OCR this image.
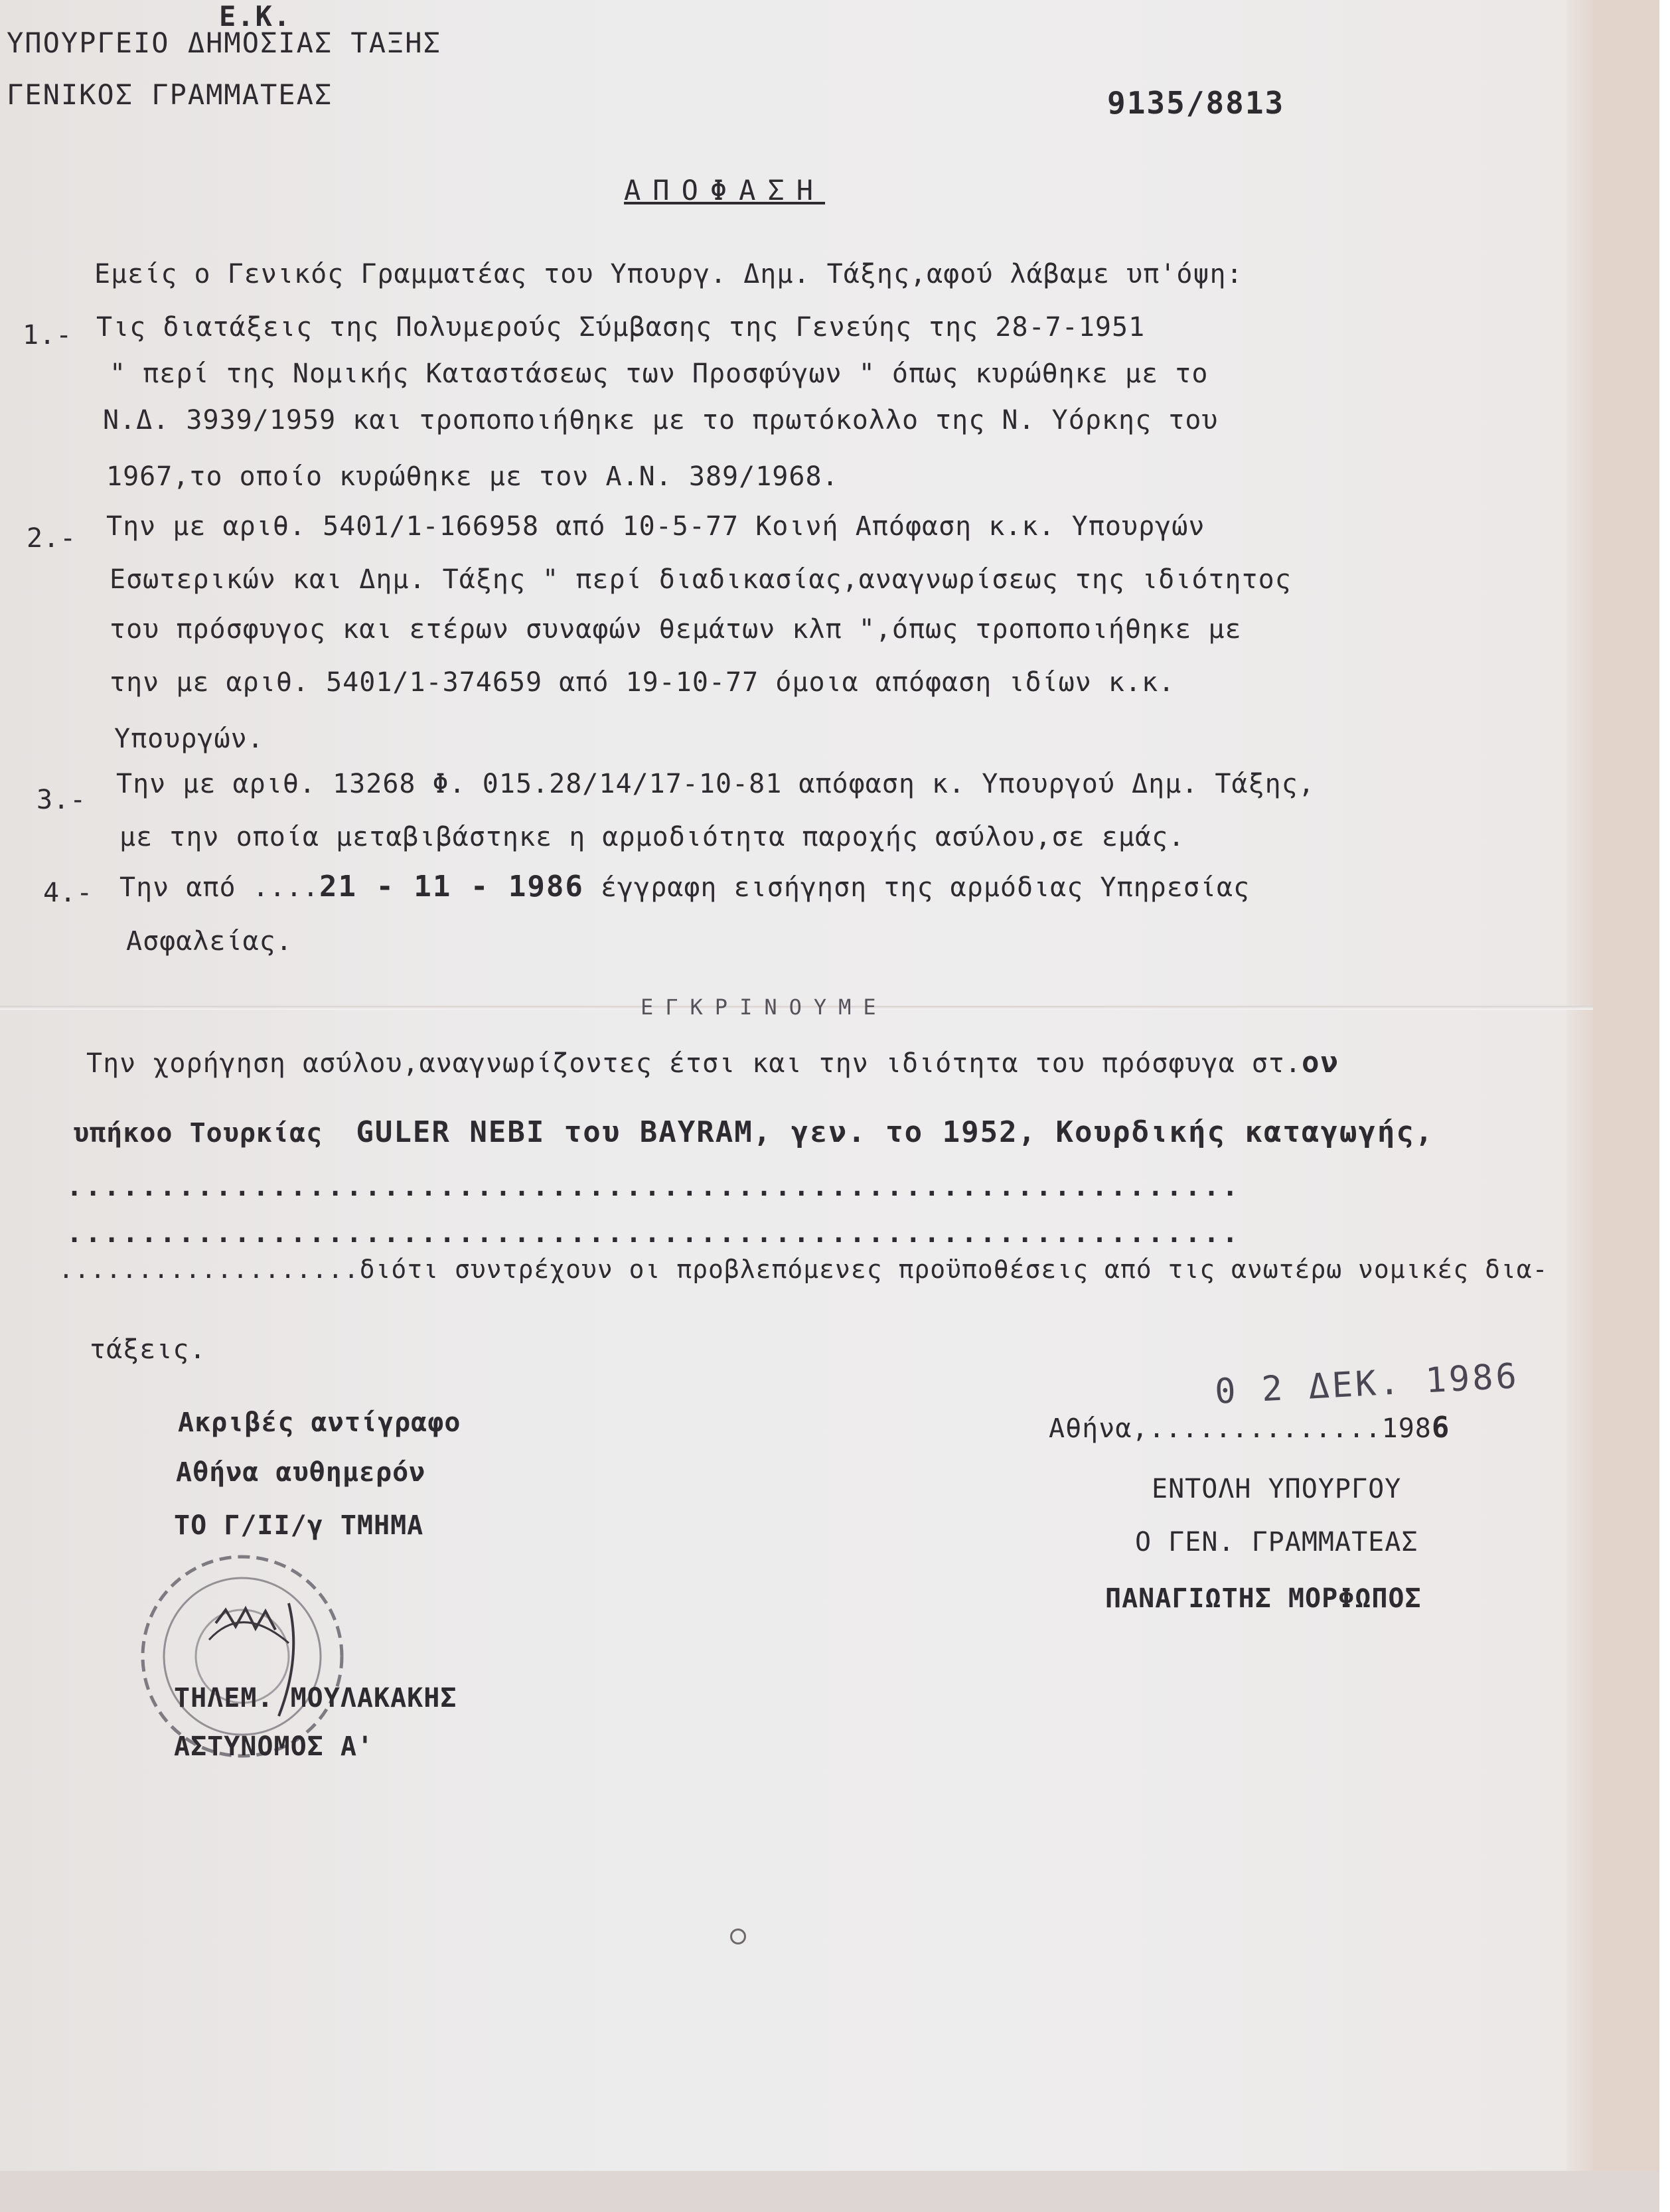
Ε.Κ.
ΥΠΟΥΡΓΕΙΟ ΔΗΜΟΣΙΑΣ ΤΑΞΗΣ
ΓΕΝΙΚΟΣ ΓΡΑΜΜΑΤΕΑΣ	9135/8813
ΑΠΟΦΑΣΗ
Εμείς ο Γενικός Γραμματέας του Υπουργ. Δημ. Τάξης,αφού λάβαμε υπ'όψη:
1.- Τις διατάξεις της Πολυμερούς Σύμβασης της Γενεύης της 28-7-1951
" περί της Νομικής Καταστάσεως των Προσφύγων " όπως κυρώθηκε με το
Ν.Δ. 3939/1959 και τροποποιήθηκε με το πρωτόκολλο της Ν. Υόρκης του
1967,το οποίο κυρώθηκε με τον Α.Ν. 389/1968.
2.- Την με αριθ. 5401/1-166958 από 10-5-77 Κοινή Απόφαση κ.κ. Υπουργών
Εσωτερικών και Δημ. Τάξης " περί διαδικασίας,αναγνωρίσεως της ιδιότητος
του πρόσφυγος και ετέρων συναφών θεμάτων κλπ ",όπως τροποποιήθηκε με
την με αριθ. 5401/1-374659 από 19-10-77 όμοια απόφαση ιδίων κ.κ.
Υπουργών.
3.-
Την με αριθ. 13268 Φ. 015.28/14/17-10-81 απόφαση κ. Υπουργού Δημ. Τάξης,
με την οποία μεταβιβάστηκε η αρμοδιότητα παροχής ασύλου,σε εμάς.
4.- Την από ....21 - 11 - 1986 έγγραφη εισήγηση της αρμόδιας Υπηρεσίας
Ασφαλείας.
ΕΓΚΡΙΝΟΥΜΕ
Την χορήγηση ασύλου,αναγνωρίζοντες έτσι και την ιδιότητα του πρόσφυγα στ.ον
υπήκοο Τουρκίας GULER NEBI του BAYRAM, γεν. το 1952, Κουρδικής καταγωγής,
...............................................................
...............................................................
...................διότι συντρέχουν οι προβλεπόμενες προϋποθέσεις από τις ανωτέρω νομικές δια-
τάξεις.
Ακριβές αντίγραφο
Αθήνα αυθημερόν
ΤΟ Γ/ΙΙ/γ ΤΜΗΜΑ
ΤΗΛΕΜ. ΜΟΥΛΑΚΑΚΗΣ
ΑΣΤΥΝΟΜΟΣ Α'
0 2 ΔΕΚ. 1986
Αθήνα,..............1986
ΕΝΤΟΛΗ ΥΠΟΥΡΓΟΥ
Ο ΓΕΝ. ΓΡΑΜΜΑΤΕΑΣ
ΠΑΝΑΓΙΩΤΗΣ ΜΟΡΦΩΠΟΣ
